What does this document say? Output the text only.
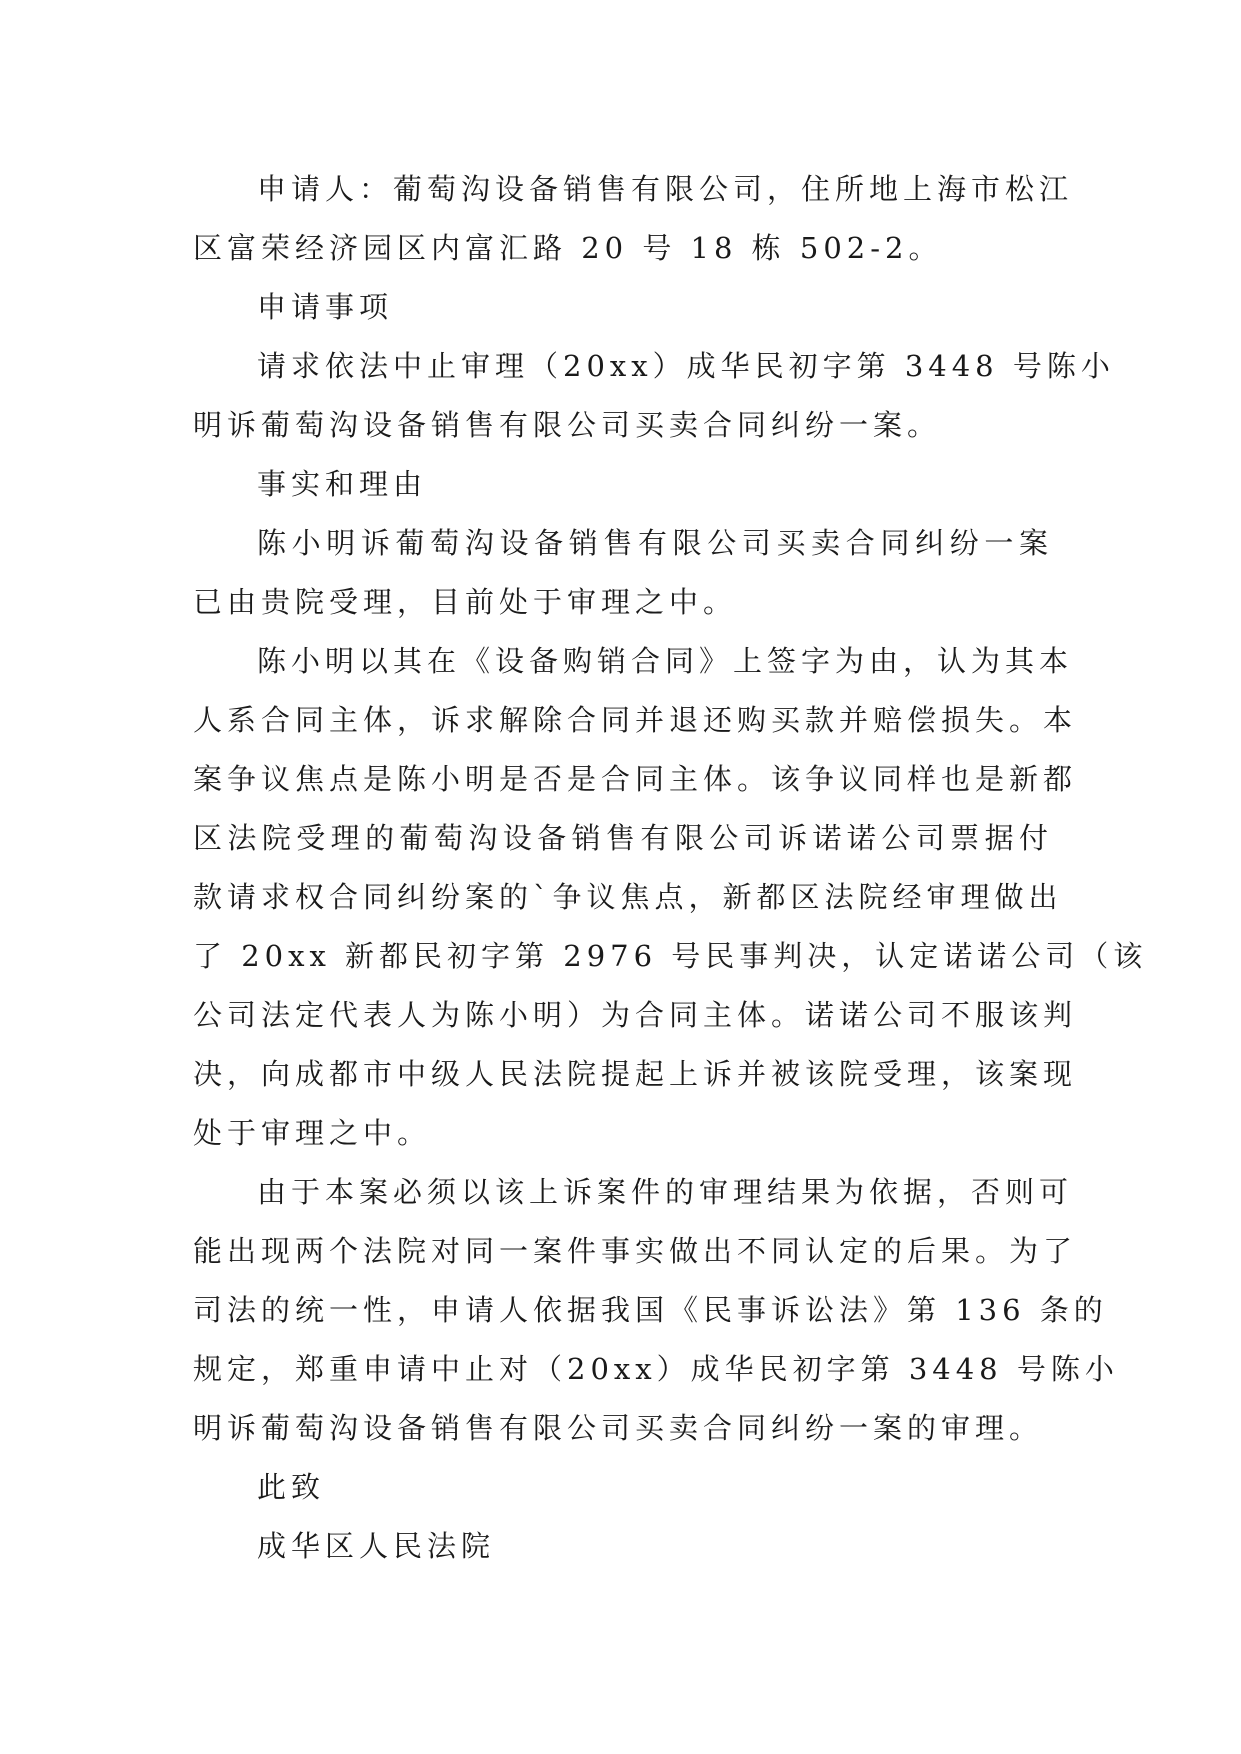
申请人：葡萄沟设备销售有限公司，住所地上海市松江
区富荣经济园区内富汇路 20 号 18 栋 502-2。
申请事项
请求依法中止审理（20xx）成华民初字第 3448 号陈小
明诉葡萄沟设备销售有限公司买卖合同纠纷一案。
事实和理由
陈小明诉葡萄沟设备销售有限公司买卖合同纠纷一案
已由贵院受理，目前处于审理之中。
陈小明以其在《设备购销合同》上签字为由，认为其本
人系合同主体，诉求解除合同并退还购买款并赔偿损失。本
案争议焦点是陈小明是否是合同主体。该争议同样也是新都
区法院受理的葡萄沟设备销售有限公司诉诺诺公司票据付
款请求权合同纠纷案的`争议焦点，新都区法院经审理做出
了 20xx 新都民初字第 2976 号民事判决，认定诺诺公司（该
公司法定代表人为陈小明）为合同主体。诺诺公司不服该判
决，向成都市中级人民法院提起上诉并被该院受理，该案现
处于审理之中。
由于本案必须以该上诉案件的审理结果为依据，否则可
能出现两个法院对同一案件事实做出不同认定的后果。为了
司法的统一性，申请人依据我国《民事诉讼法》第 136 条的
规定，郑重申请中止对（20xx）成华民初字第 3448 号陈小
明诉葡萄沟设备销售有限公司买卖合同纠纷一案的审理。
此致
成华区人民法院
